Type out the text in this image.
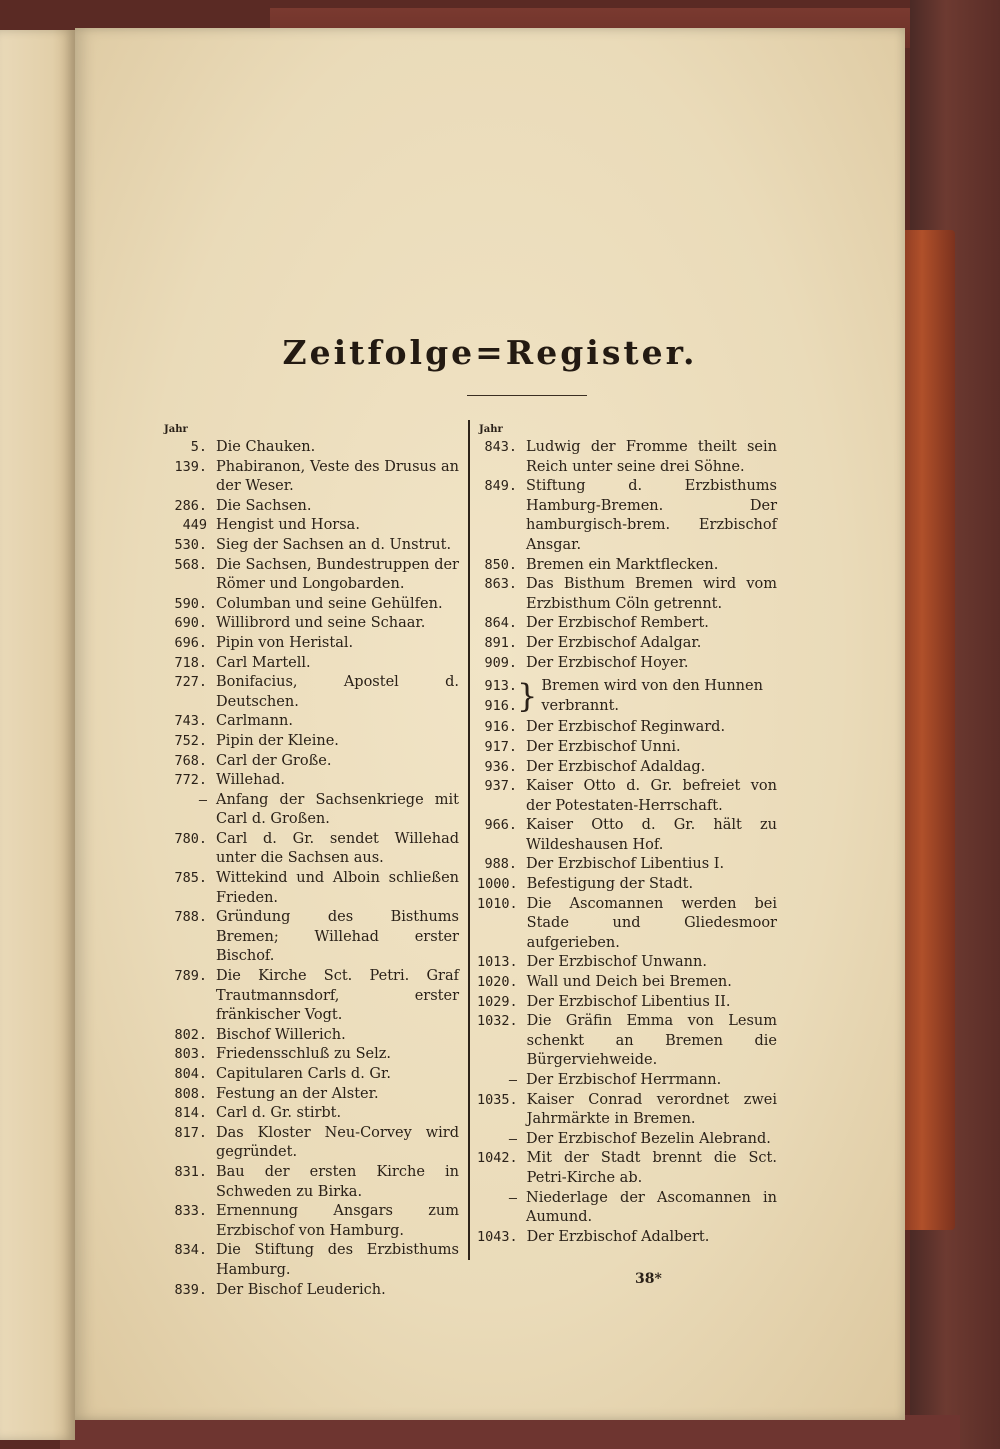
Zeitfolge=Register.
Jahr	Jahr
5. Die Chauken.
139. Phabiranon, Veste des Drusus an der Weser.
286. Die Sachsen.
449 Hengist und Horsa.
530. Sieg der Sachsen an d. Unstrut.
568. Die Sachsen, Bundestruppen der Römer und Longobarden.
590. Columban und seine Gehülfen.
690. Willibrord und seine Schaar.
696. Pipin von Heristal.
718. Carl Martell.
727. Bonifacius, Apostel d. Deutschen.
743. Carlmann.
752. Pipin der Kleine.
768. Carl der Große.
772. Willehad.
— Anfang der Sachsenkriege mit Carl d. Großen.
780. Carl d. Gr. sendet Willehad unter die Sachsen aus.
785. Wittekind und Alboin schließen Frieden.
788. Gründung des Bisthums Bremen; Willehad erster Bischof.
789. Die Kirche Sct. Petri. Graf Trautmannsdorf, erster fränkischer Vogt.
802. Bischof Willerich.
803. Friedensschluß zu Selz.
804. Capitularen Carls d. Gr.
808. Festung an der Alster.
814. Carl d. Gr. stirbt.
817. Das Kloster Neu-Corvey wird gegründet.
831. Bau der ersten Kirche in Schweden zu Birka.
833. Ernennung Ansgars zum Erzbischof von Hamburg.
834. Die Stiftung des Erzbisthums Hamburg.
839. Der Bischof Leuderich.
843. Ludwig der Fromme theilt sein Reich unter seine drei Söhne.
849. Stiftung d. Erzbisthums Hamburg-Bremen. Der hamburgisch-brem. Erzbischof Ansgar.
850. Bremen ein Marktflecken.
863. Das Bisthum Bremen wird vom Erzbisthum Cöln getrennt.
864. Der Erzbischof Rembert.
891. Der Erzbischof Adalgar.
909. Der Erzbischof Hoyer.
913.
916. } Bremen wird von den Hunnen verbrannt.
916. Der Erzbischof Reginward.
917. Der Erzbischof Unni.
936. Der Erzbischof Adaldag.
937. Kaiser Otto d. Gr. befreiet von der Potestaten-Herrschaft.
966. Kaiser Otto d. Gr. hält zu Wildeshausen Hof.
988. Der Erzbischof Libentius I.
1000. Befestigung der Stadt.
1010. Die Ascomannen werden bei Stade und Gliedesmoor aufgerieben.
1013. Der Erzbischof Unwann.
1020. Wall und Deich bei Bremen.
1029. Der Erzbischof Libentius II.
1032. Die Gräfin Emma von Lesum schenkt an Bremen die Bürgerviehweide.
— Der Erzbischof Herrmann.
1035. Kaiser Conrad verordnet zwei Jahrmärkte in Bremen.
— Der Erzbischof Bezelin Alebrand.
1042. Mit der Stadt brennt die Sct. Petri-Kirche ab.
— Niederlage der Ascomannen in Aumund.
1043. Der Erzbischof Adalbert.
38*
